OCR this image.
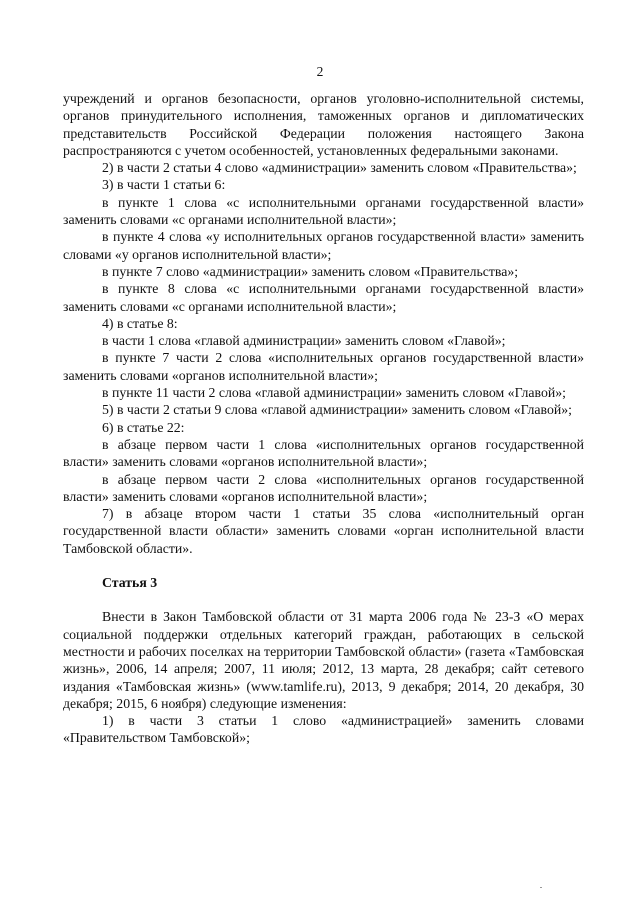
2

учреждений и органов безопасности, органов уголовно-исполнительной системы, органов принудительного исполнения, таможенных органов и дипломатических представительств Российской Федерации положения настоящего Закона распространяются с учетом особенностей, установленных федеральными законами.

2) в части 2 статьи 4 слово «администрации» заменить словом «Правительства»;

3) в части 1 статьи 6:

в пункте 1 слова «с исполнительными органами государственной власти» заменить словами «с органами исполнительной власти»;

в пункте 4 слова «у исполнительных органов государственной власти» заменить словами «у органов исполнительной власти»;

в пункте 7 слово «администрации» заменить словом «Правительства»;

в пункте 8 слова «с исполнительными органами государственной власти» заменить словами «с органами исполнительной власти»;

4) в статье 8:

в части 1 слова «главой администрации» заменить словом «Главой»;

в пункте 7 части 2 слова «исполнительных органов государственной власти» заменить словами «органов исполнительной власти»;

в пункте 11 части 2 слова «главой администрации» заменить словом «Главой»;

5) в части 2 статьи 9 слова «главой администрации» заменить словом «Главой»;

6) в статье 22:

в абзаце первом части 1 слова «исполнительных органов государственной власти» заменить словами «органов исполнительной власти»;

в абзаце первом части 2 слова «исполнительных органов государственной власти» заменить словами «органов исполнительной власти»;

7) в абзаце втором части 1 статьи 35 слова «исполнительный орган государственной власти области» заменить словами «орган исполнительной власти Тамбовской области».

Статья 3

Внести в Закон Тамбовской области от 31 марта 2006 года № 23-З «О мерах социальной поддержки отдельных категорий граждан, работающих в сельской местности и рабочих поселках на территории Тамбовской области» (газета «Тамбовская жизнь», 2006, 14 апреля; 2007, 11 июля; 2012, 13 марта, 28 декабря; сайт сетевого издания «Тамбовская жизнь» (www.tamlife.ru), 2013, 9 декабря; 2014, 20 декабря, 30 декабря; 2015, 6 ноября) следующие изменения:

1) в части 3 статьи 1 слово «администрацией» заменить словами «Правительством Тамбовской»;
